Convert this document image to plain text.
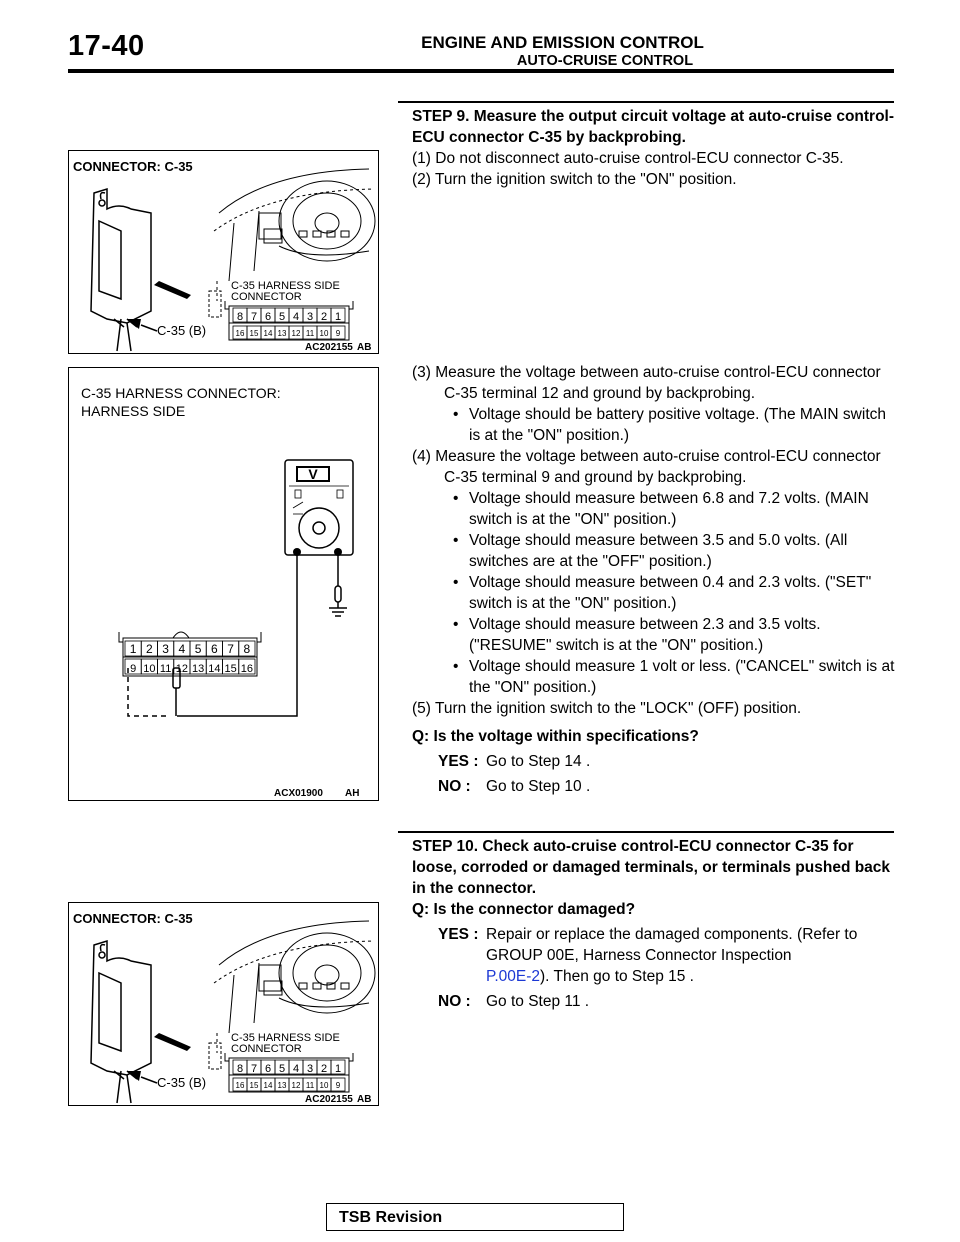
17-40	ENGINE AND EMISSION CONTROL
AUTO-CRUISE CONTROL
STEP 9. Measure the output circuit voltage at auto-cruise control-ECU connector C-35 by backprobing.
(1) Do not disconnect auto-cruise control-ECU connector C-35.
(2) Turn the ignition switch to the "ON" position.
(3) Measure the voltage between auto-cruise control-ECU connector C-35 terminal 12 and ground by backprobing.
• Voltage should be battery positive voltage. (The MAIN switch is at the "ON" position.)
(4) Measure the voltage between auto-cruise control-ECU connector C-35 terminal 9 and ground by backprobing.
• Voltage should measure between 6.8 and 7.2 volts. (MAIN switch is at the "ON" position.)
• Voltage should measure between 3.5 and 5.0 volts. (All switches are at the "OFF" position.)
• Voltage should measure between 0.4 and 2.3 volts. ("SET" switch is at the "ON" position.)
• Voltage should measure between 2.3 and 3.5 volts. ("RESUME" switch is at the "ON" position.)
• Voltage should measure 1 volt or less. ("CANCEL" switch is at the "ON" position.)
(5) Turn the ignition switch to the "LOCK" (OFF) position.
Q: Is the voltage within specifications?
YES : Go to Step 14 .
NO : Go to Step 10 .
STEP 10. Check auto-cruise control-ECU connector C-35 for loose, corroded or damaged terminals, or terminals pushed back in the connector.
Q: Is the connector damaged?
YES : Repair or replace the damaged components. (Refer to GROUP 00E, Harness Connector Inspection
P.00E-2). Then go to Step 15 .
NO : Go to Step 11 .
CONNECTOR: C-35
C-35 HARNESS SIDE
CONNECTOR
C-35 (B)
8 7 6 5 4 3 2 1
16 15 14 13 12 11 10 9
AC202155 AB
C-35 HARNESS CONNECTOR:
HARNESS SIDE
V
1 2 3 4 5 6 7 8
9 10 11 12 13 14 15 16
ACX01900 AH
CONNECTOR: C-35
C-35 HARNESS SIDE
CONNECTOR
C-35 (B)
8 7 6 5 4 3 2 1
16 15 14 13 12 11 10 9
AC202155 AB
TSB Revision
